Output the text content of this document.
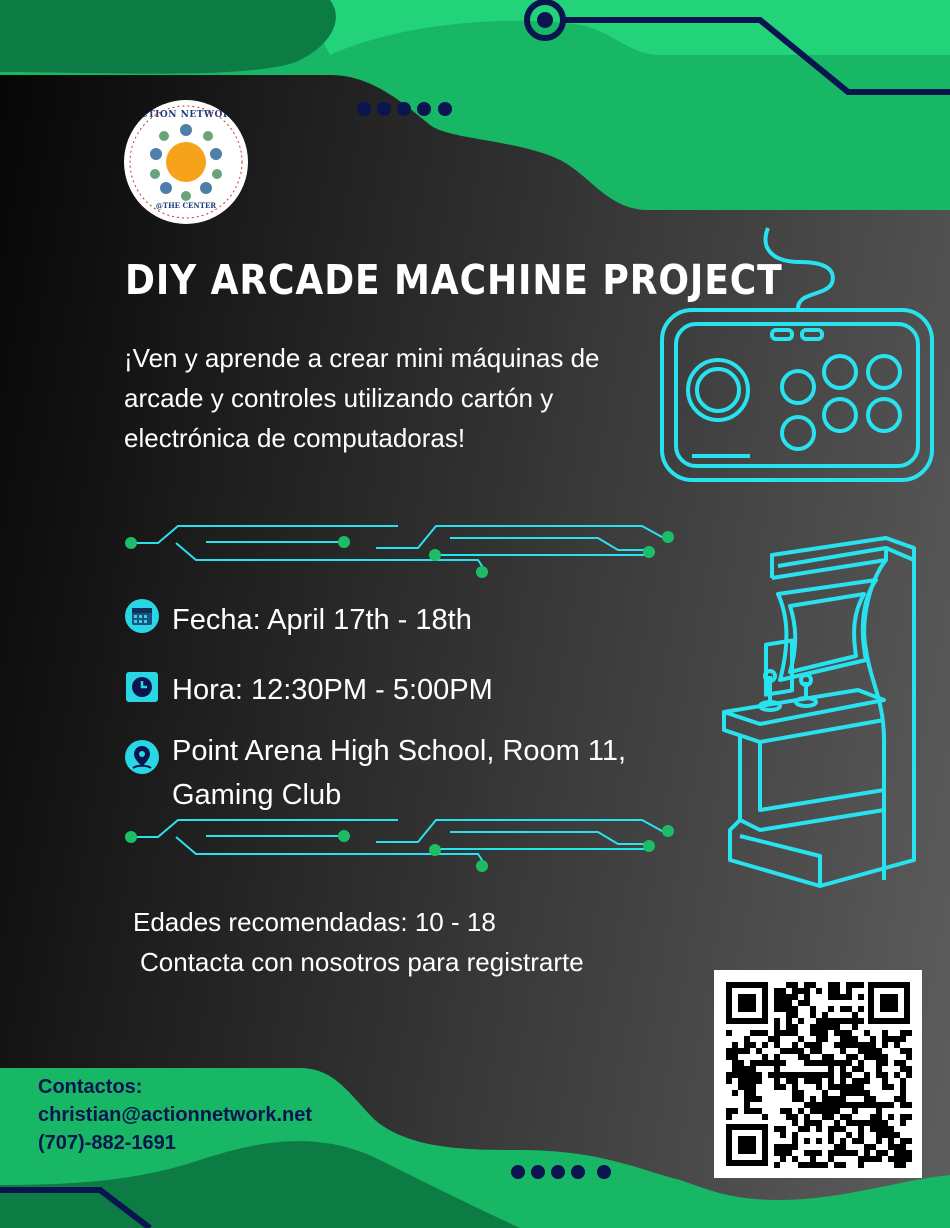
ACTION NETWORK
@THE CENTER
DIY ARCADE MACHINE PROJECT

¡Ven y aprende a crear mini máquinas de arcade y controles utilizando cartón y electrónica de computadoras!

Fecha: April 17th - 18th
Hora: 12:30PM - 5:00PM
Point Arena High School, Room 11,
Gaming Club
Edades recomendadas: 10 - 18
Contacta con nosotros para registrarte
Contactos:
christian@actionnetwork.net
(707)-882-1691
